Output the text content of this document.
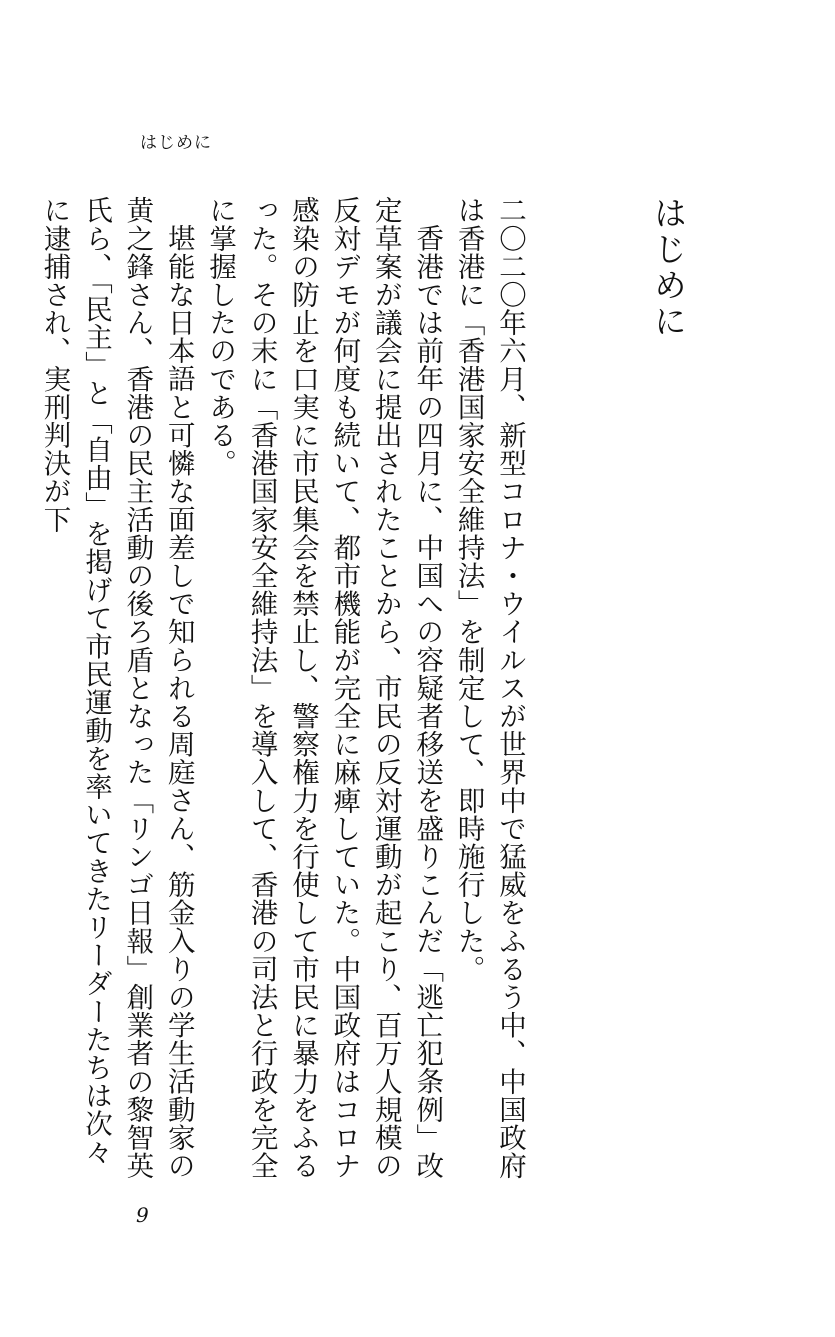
はじめに
はじめに

二〇二〇年六月、新型コロナ・ウイルスが世界中で猛威をふるう中、中国政府は香港に「香港国家安全維持法」を制定して、即時施行した。

香港では前年の四月に、中国への容疑者移送を盛りこんだ「逃亡犯条例」改定草案が議会に提出されたことから、市民の反対運動が起こり、百万人規模の反対デモが何度も続いて、都市機能が完全に麻痺していた。中国政府はコロナ感染の防止を口実に市民集会を禁止し、警察権力を行使して市民に暴力をふるった。その末に「香港国家安全維持法」を導入して、香港の司法と行政を完全に掌握したのである。

堪能な日本語と可憐な面差しで知られる周庭さん、筋金入りの学生活動家の黄之鋒さん、香港の民主活動の後ろ盾となった「リンゴ日報」創業者の黎智英氏ら、「民主」と「自由」を掲げて市民運動を率いてきたリーダーたちは次々に逮捕され、実刑判決が下

9
